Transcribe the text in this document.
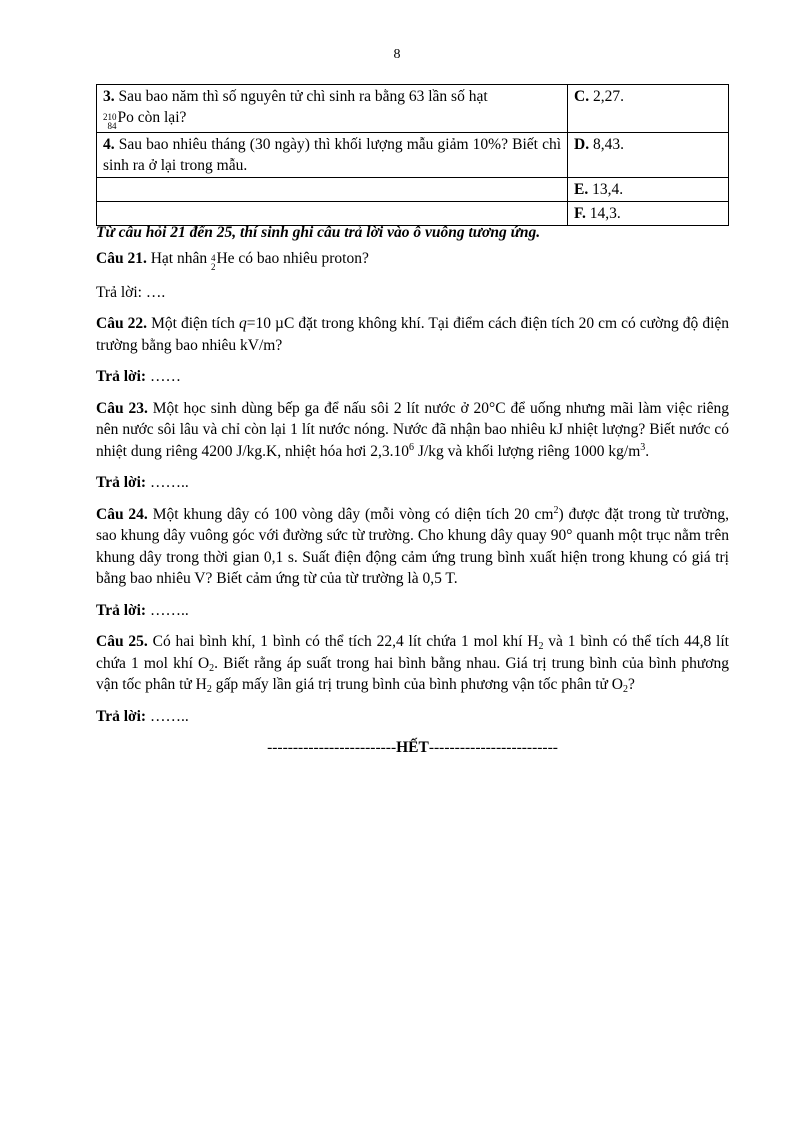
8
3. Sau bao năm thì số nguyên tử chì sinh ra bằng 63 lần số hạt

210
84 Po còn lại?	C. 2,27.
4. Sau bao nhiêu tháng (30 ngày) thì khối lượng mẫu giảm 10%? Biết chì sinh ra ở lại trong mẫu.	D. 8,43.
	E. 13,4.
	F. 14,3.

Từ câu hỏi 21 đến 25, thí sinh ghi câu trả lời vào ô vuông tương ứng.

Câu 21. Hạt nhân 4
2 He có bao nhiêu proton?

Trả lời: ….

Câu 22. Một điện tích q=10 µC đặt trong không khí. Tại điểm cách điện tích 20 cm có cường độ điện trường bằng bao nhiêu kV/m?

Trả lời: ……

Câu 23. Một học sinh dùng bếp ga để nấu sôi 2 lít nước ở 20°C để uống nhưng mãi làm việc riêng nên nước sôi lâu và chỉ còn lại 1 lít nước nóng. Nước đã nhận bao nhiêu kJ nhiệt lượng? Biết nước có nhiệt dung riêng 4200 J/kg.K, nhiệt hóa hơi 2,3.10$^6$ J/kg và khối lượng riêng 1000 $kg/m^3$.

Trả lời: ……..

Câu 24. Một khung dây có 100 vòng dây (mỗi vòng có diện tích 20 $cm^2$) được đặt trong từ trường, sao khung dây vuông góc với đường sức từ trường. Cho khung dây quay 90° quanh một trục nằm trên khung dây trong thời gian 0,1 s. Suất điện động cảm ứng trung bình xuất hiện trong khung có giá trị bằng bao nhiêu V? Biết cảm ứng từ của từ trường là 0,5 T.

Trả lời: ……..

Câu 25. Có hai bình khí, 1 bình có thể tích 22,4 lít chứa 1 mol khí $H_2$ và 1 bình có thể tích 44,8 lít chứa 1 mol khí $O_2$. Biết rằng áp suất trong hai bình bằng nhau. Giá trị trung bình của bình phương vận tốc phân tử $H_2$ gấp mấy lần giá trị trung bình của bình phương vận tốc phân tử $O_2$?

Trả lời: ……..

-------------------------HẾT-------------------------
